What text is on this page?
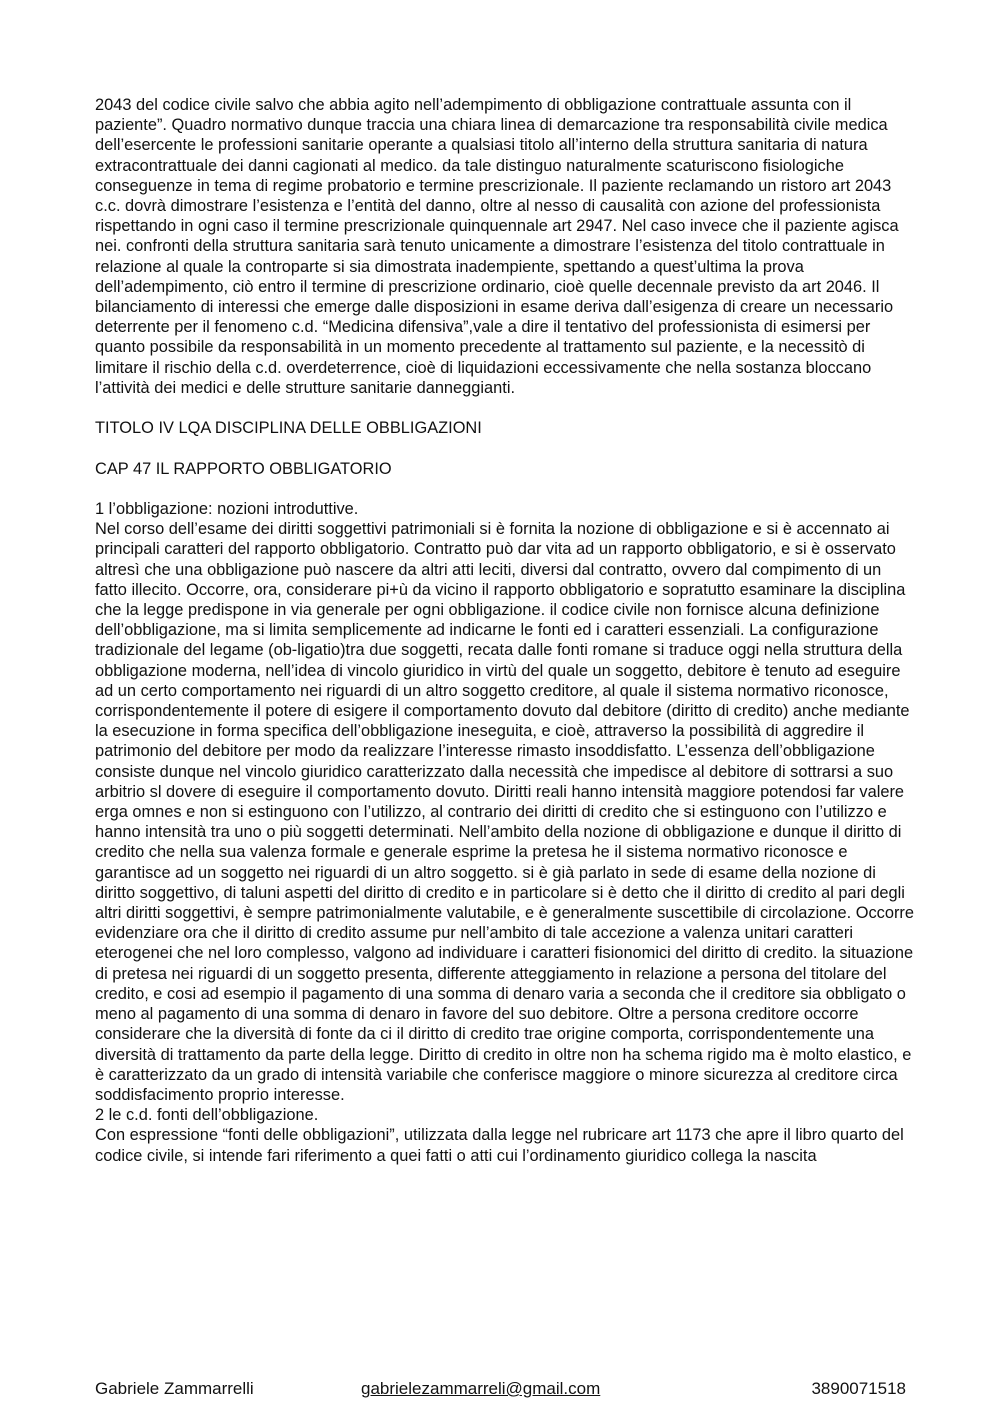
2043 del codice civile salvo che abbia agito nell’adempimento di obbligazione contrattuale assunta con il paziente”. Quadro normativo dunque traccia una chiara linea di demarcazione tra responsabilità civile medica dell’esercente le professioni sanitarie operante a qualsiasi titolo all’interno della struttura sanitaria di natura extracontrattuale dei danni cagionati al medico. da tale distinguo naturalmente scaturiscono fisiologiche conseguenze in tema di regime probatorio e termine prescrizionale. Il paziente reclamando un ristoro art 2043 c.c. dovrà dimostrare l’esistenza e l’entità del danno, oltre al nesso di causalità con azione del professionista rispettando in ogni caso il termine prescrizionale quinquennale art 2947. Nel caso invece che il paziente agisca nei. confronti della struttura sanitaria sarà tenuto unicamente a dimostrare l’esistenza del titolo contrattuale in relazione al quale la controparte si sia dimostrata inadempiente, spettando a quest’ultima la prova dell’adempimento, ciò entro il termine di prescrizione ordinario, cioè quelle decennale previsto da art 2046. Il bilanciamento di interessi che emerge dalle disposizioni in esame deriva dall’esigenza di creare un necessario deterrente per il fenomeno c.d. “Medicina difensiva”,vale a dire il tentativo del professionista di esimersi per quanto possibile da responsabilità in un momento precedente al trattamento sul paziente, e la necessitò di limitare il rischio della c.d. overdeterrence, cioè di liquidazioni eccessivamente che nella sostanza bloccano l’attività dei medici e delle strutture sanitarie danneggianti.

TITOLO IV LQA DISCIPLINA DELLE OBBLIGAZIONI

CAP 47 IL RAPPORTO OBBLIGATORIO

1 l’obbligazione: nozioni introduttive.

Nel corso dell’esame dei diritti soggettivi patrimoniali si è fornita la nozione di obbligazione e si è accennato ai principali caratteri del rapporto obbligatorio. Contratto può dar vita ad un rapporto obbligatorio, e si è osservato altresì che una obbligazione può nascere da altri atti leciti, diversi dal contratto, ovvero dal compimento di un fatto illecito. Occorre, ora, considerare pi+ù da vicino il rapporto obbligatorio e sopratutto esaminare la disciplina che la legge predispone in via generale per ogni obbligazione. il codice civile non fornisce alcuna definizione dell’obbligazione, ma si limita semplicemente ad indicarne le fonti ed i caratteri essenziali. La configurazione tradizionale del legame (ob-ligatio)tra due soggetti, recata dalle fonti romane si traduce oggi nella struttura della obbligazione moderna, nell’idea di vincolo giuridico in virtù del quale un soggetto, debitore è tenuto ad eseguire ad un certo comportamento nei riguardi di un altro soggetto creditore, al quale il sistema normativo riconosce, corrispondentemente il potere di esigere il comportamento dovuto dal debitore (diritto di credito) anche mediante la esecuzione in forma specifica dell’obbligazione ineseguita, e cioè, attraverso la possibilità di aggredire il patrimonio del debitore per modo da realizzare l’interesse rimasto insoddisfatto. L’essenza dell’obbligazione consiste dunque nel vincolo giuridico caratterizzato dalla necessità che impedisce al debitore di sottrarsi a suo arbitrio sl dovere di eseguire il comportamento dovuto. Diritti reali hanno intensità maggiore potendosi far valere erga omnes e non si estinguono con l’utilizzo, al contrario dei diritti di credito che si estinguono con l’utilizzo e hanno intensità tra uno o più soggetti determinati. Nell’ambito della nozione di obbligazione e dunque il diritto di credito che nella sua valenza formale e generale esprime la pretesa he il sistema normativo riconosce e garantisce ad un soggetto nei riguardi di un altro soggetto. si è già parlato in sede di esame della nozione di diritto soggettivo, di taluni aspetti del diritto di credito e in particolare si è detto che il diritto di credito al pari degli altri diritti soggettivi, è sempre patrimonialmente valutabile, e è generalmente suscettibile di circolazione. Occorre evidenziare ora che il diritto di credito assume pur nell’ambito di tale accezione a valenza unitari caratteri eterogenei che nel loro complesso, valgono ad individuare i caratteri fisionomici del diritto di credito. la situazione di pretesa nei riguardi di un soggetto presenta, differente atteggiamento in relazione a persona del titolare del credito, e cosi ad esempio il pagamento di una somma di denaro varia a seconda che il creditore sia obbligato o meno al pagamento di una somma di denaro in favore del suo debitore. Oltre a persona creditore occorre considerare che la diversità di fonte da ci il diritto di credito trae origine comporta, corrispondentemente una diversità di trattamento da parte della legge. Diritto di credito in oltre non ha schema rigido ma è molto elastico, e è caratterizzato da un grado di intensità variabile che conferisce maggiore o minore sicurezza al creditore circa soddisfacimento proprio interesse.

2 le c.d. fonti dell’obbligazione.

Con espressione “fonti delle obbligazioni”, utilizzata dalla legge nel rubricare art 1173 che apre il libro quarto del codice civile, si intende fari riferimento a quei fatti o atti cui l’ordinamento giuridico collega la nascita

Gabriele Zammarrelli	gabrielezammarreli@gmail.com	3890071518
